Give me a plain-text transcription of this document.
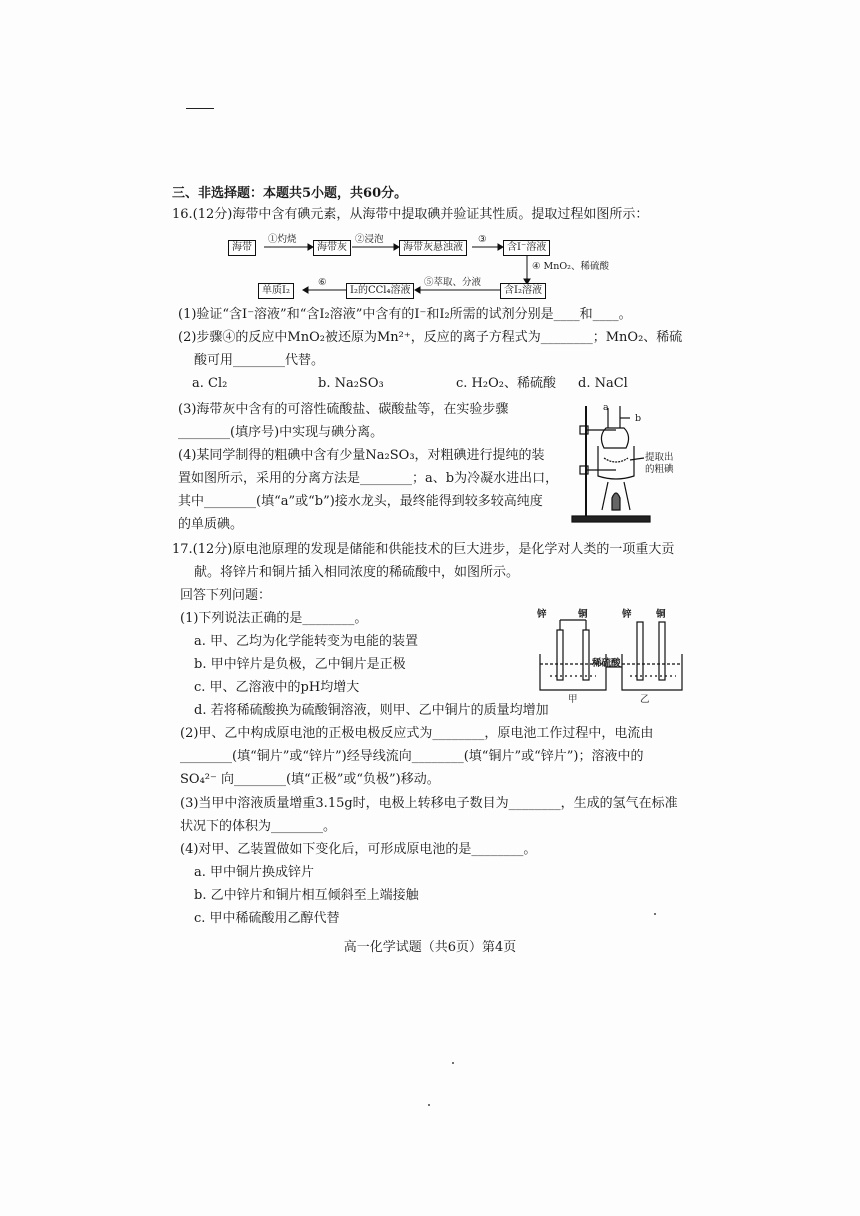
三、非选择题：本题共5小题，共60分。
16.(12分)海带中含有碘元素，从海带中提取碘并验证其性质。提取过程如图所示：
海带	海带灰	海带灰悬浊液	含I⁻溶液
含I₂溶液
I₂的CCl₄溶液
单质I₂
①灼烧	②浸泡	③
④ MnO₂、稀硫酸
⑤萃取、分液
⑥
(1)验证“含I⁻溶液”和“含I₂溶液”中含有的I⁻和I₂所需的试剂分别是____和____。
(2)步骤④的反应中MnO₂被还原为Mn²⁺，反应的离子方程式为________；MnO₂、稀硫
酸可用________代替。
a. Cl₂	b. Na₂SO₃	c. H₂O₂、稀硫酸 d. NaCl
(3)海带灰中含有的可溶性硫酸盐、碳酸盐等，在实验步骤
________(填序号)中实现与碘分离。
(4)某同学制得的粗碘中含有少量Na₂SO₃，对粗碘进行提纯的装
置如图所示，采用的分离方法是________；a、b为冷凝水进出口，
其中________(填“a”或“b”)接水龙头，最终能得到较多较高纯度
的单质碘。
a
b
提取出
的粗碘
17.(12分)原电池原理的发现是储能和供能技术的巨大进步，是化学对人类的一项重大贡
献。将锌片和铜片插入相同浓度的稀硫酸中，如图所示。
回答下列问题：
(1)下列说法正确的是________。
a. 甲、乙均为化学能转变为电能的装置
b. 甲中锌片是负极，乙中铜片是正极
c. 甲、乙溶液中的pH均增大
d. 若将稀硫酸换为硫酸铜溶液，则甲、乙中铜片的质量均增加
锌	铜	锌	铜
稀硫酸
甲	乙
(2)甲、乙中构成原电池的正极电极反应式为________，原电池工作过程中，电流由
________(填“铜片”或“锌片”)经导线流向________(填“铜片”或“锌片”)；溶液中的
SO₄²⁻ 向________(填“正极”或“负极”)移动。
(3)当甲中溶液质量增重3.15g时，电极上转移电子数目为________，生成的氢气在标准
状况下的体积为________。
(4)对甲、乙装置做如下变化后，可形成原电池的是________。
a. 甲中铜片换成锌片
b. 乙中锌片和铜片相互倾斜至上端接触
c. 甲中稀硫酸用乙醇代替
高一化学试题（共6页）第4页
